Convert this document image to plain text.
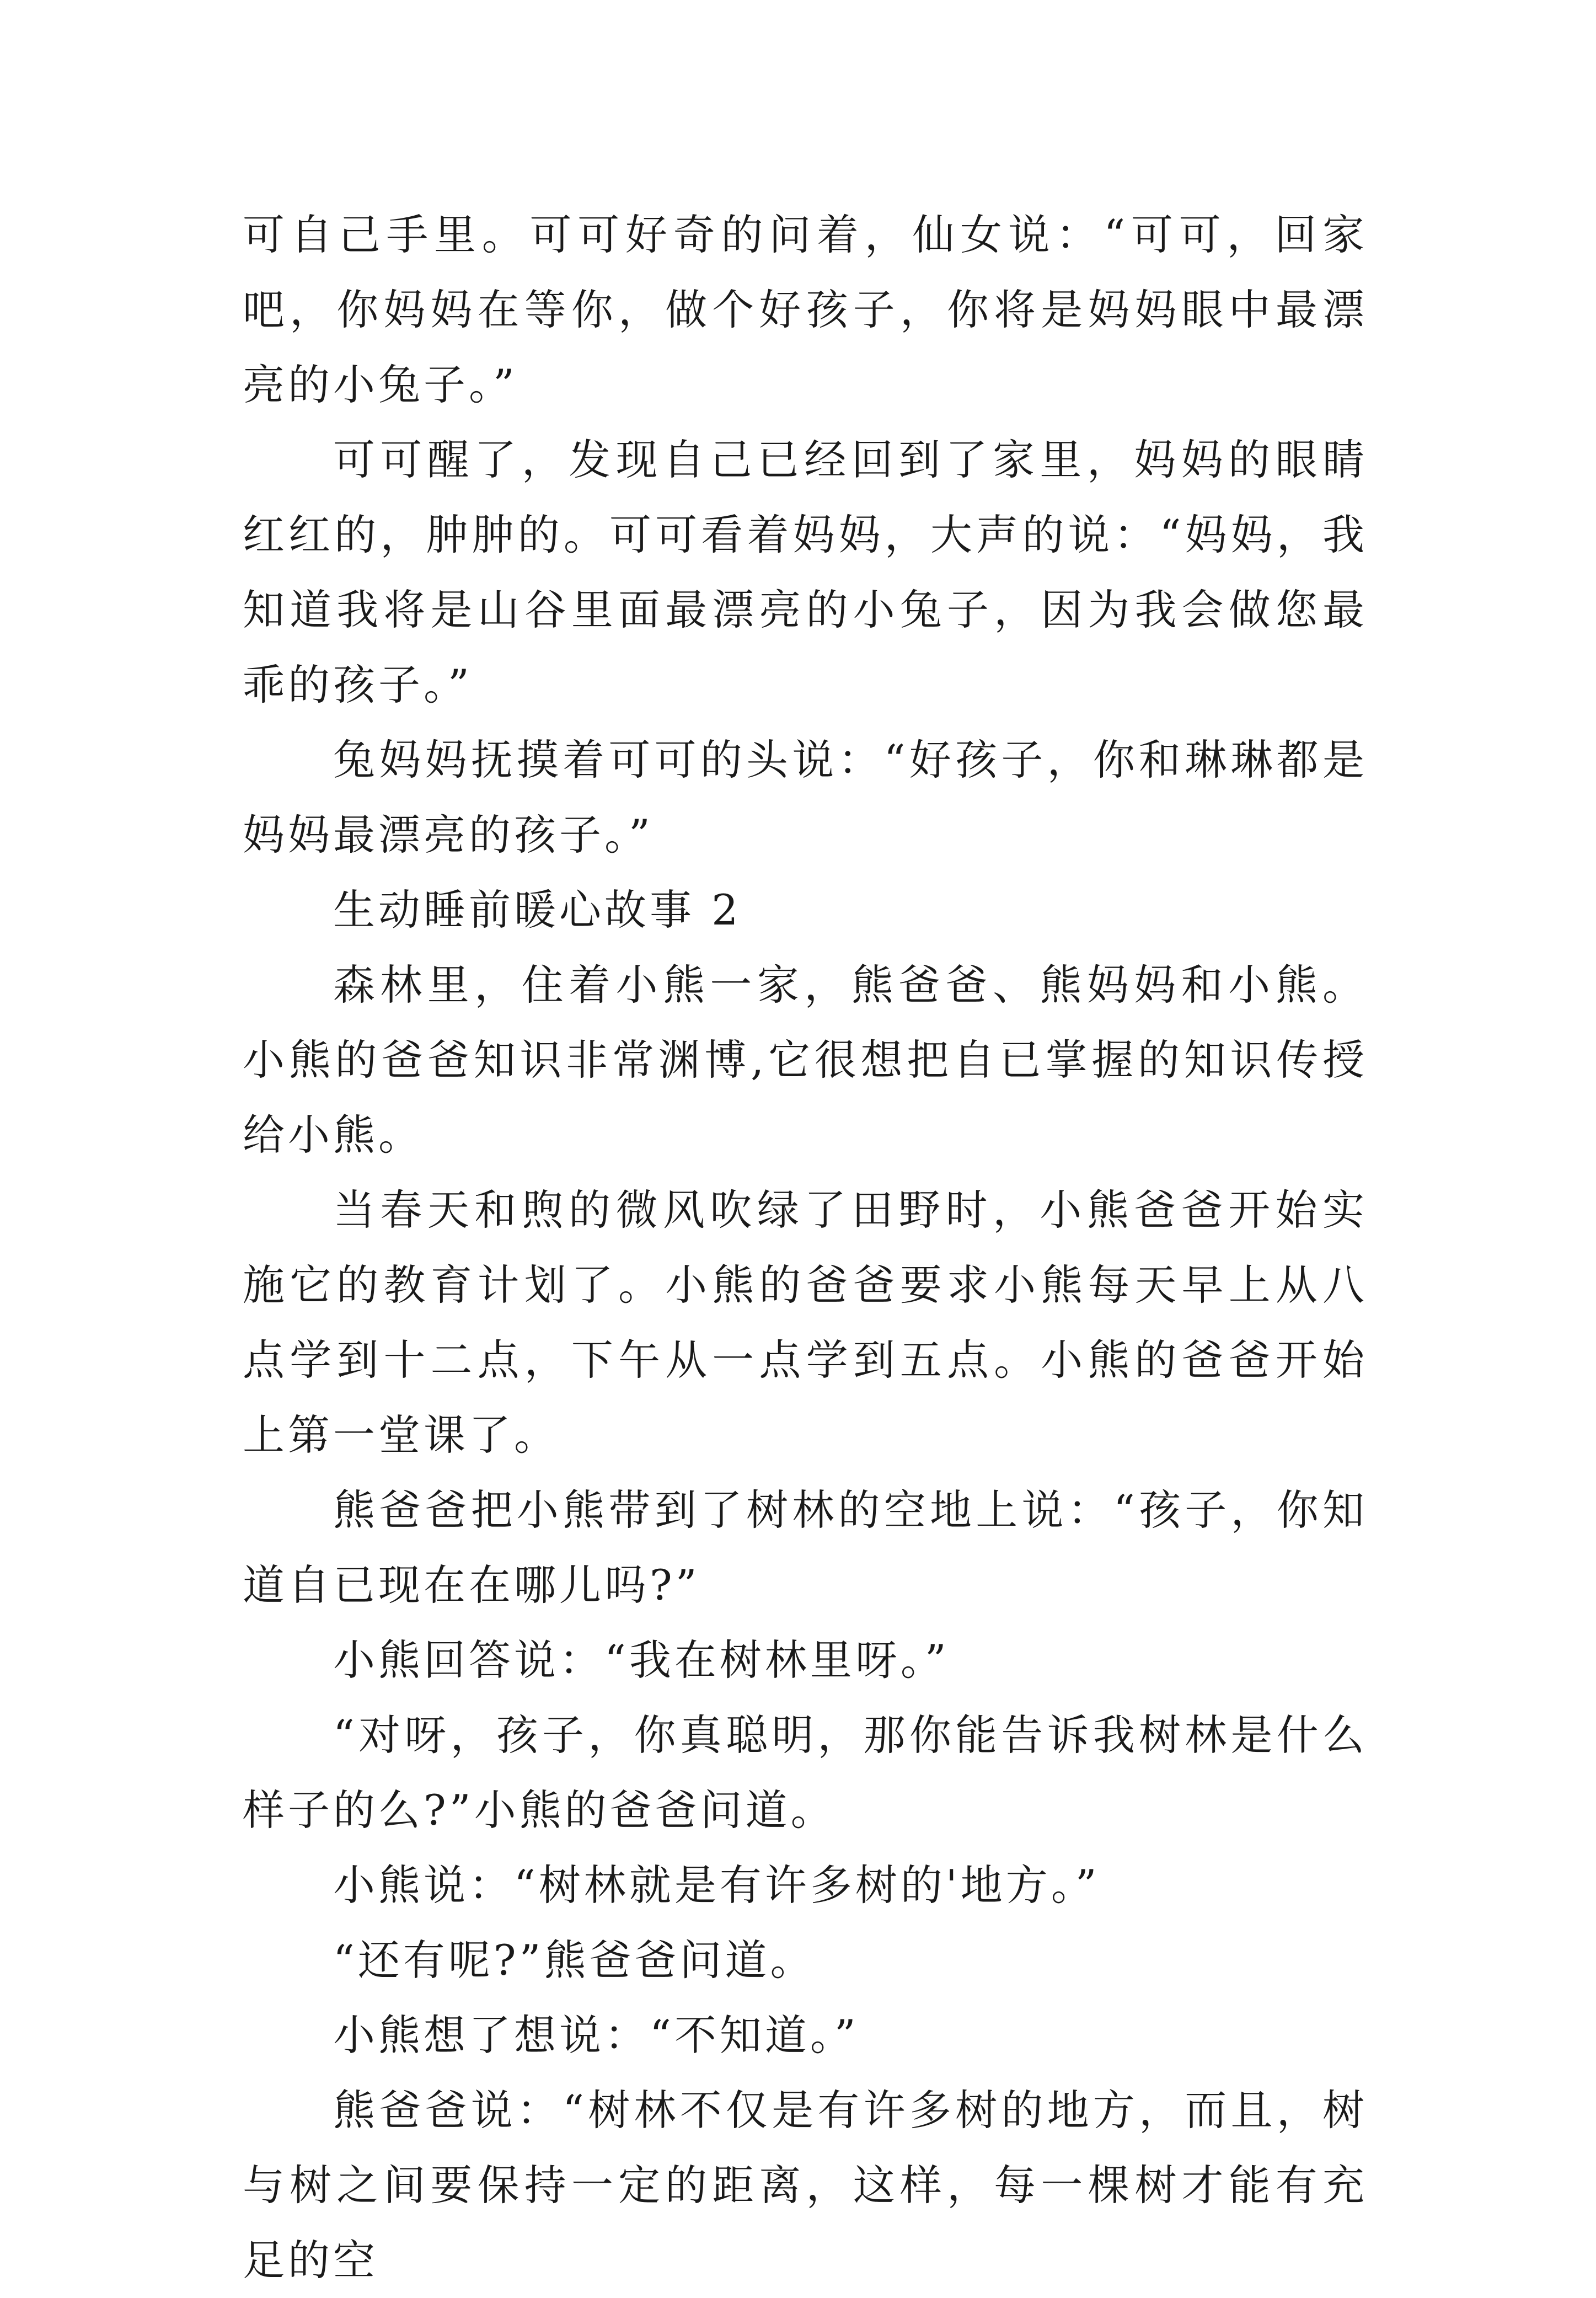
可自己手里。可可好奇的问着，仙女说：“可可，回家吧，你妈妈在等你，做个好孩子，你将是妈妈眼中最漂亮的小兔子。”

可可醒了，发现自己已经回到了家里，妈妈的眼睛红红的，肿肿的。可可看着妈妈，大声的说：“妈妈，我知道我将是山谷里面最漂亮的小兔子，因为我会做您最乖的孩子。”

兔妈妈抚摸着可可的头说：“好孩子，你和琳琳都是妈妈最漂亮的孩子。”

生动睡前暖心故事 2

森林里，住着小熊一家，熊爸爸、熊妈妈和小熊。小熊的爸爸知识非常渊博,它很想把自已掌握的知识传授给小熊。

当春天和煦的微风吹绿了田野时，小熊爸爸开始实施它的教育计划了。小熊的爸爸要求小熊每天早上从八点学到十二点，下午从一点学到五点。小熊的爸爸开始上第一堂课了。

熊爸爸把小熊带到了树林的空地上说：“孩子，你知道自已现在在哪儿吗?”

小熊回答说：“我在树林里呀。”

“对呀，孩子，你真聪明，那你能告诉我树林是什么样子的么?”小熊的爸爸问道。

小熊说：“树林就是有许多树的'地方。”

“还有呢?”熊爸爸问道。

小熊想了想说：“不知道。”

熊爸爸说：“树林不仅是有许多树的地方，而且，树与树之间要保持一定的距离，这样，每一棵树才能有充足的空
